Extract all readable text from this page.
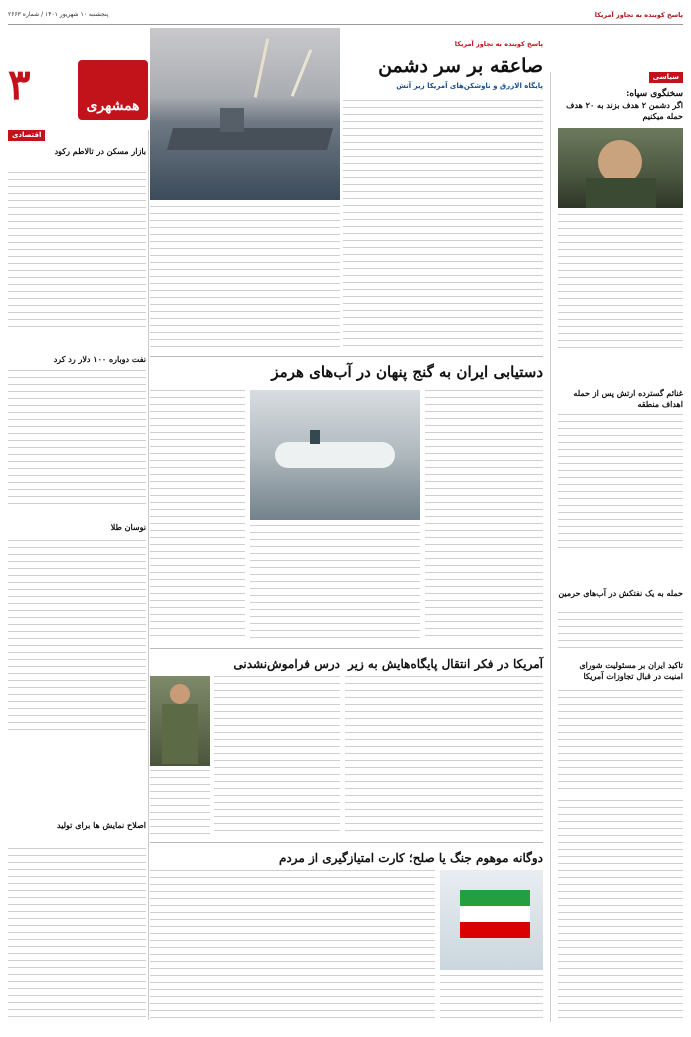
پنجشنبه ۱۰ شهریور ۱۴۰۱ / شماره ۲۶۶۳	پاسخ کوبنده به تجاوز آمریکا
۳	همشهری
سیاسی
سخنگوی سپاه:
اگر دشمن ۲ هدف بزند به ۲۰ هدف حمله میکنیم
غنائم گسترده ارتش پس از حمله اهداف منطقه
حمله به یک نفتکش در آب‌های حرمین
تاکید ایران بر مسئولیت شورای امنیت در قبال تجاوزات آمریکا
پاسخ کوبنده به تجاوز آمریکا
صاعقه بر سر دشمن
پایگاه الازرق و ناوشکن‌های آمریکا زیر آتش
اقتصادی
بازار مسکن در تالاطم رکود
نفت دوباره ۱۰۰ دلار رد کرد
نوسان طلا
اصلاح نمایش ها برای تولید
دستیابی ایران به گنج پنهان در آب‌های هرمز
درس فراموش‌نشدنی	آمریکا در فکر انتقال پایگاه‌هایش به زیر
دوگانه موهوم جنگ یا صلح؛ کارت امتیازگیری از مردم
